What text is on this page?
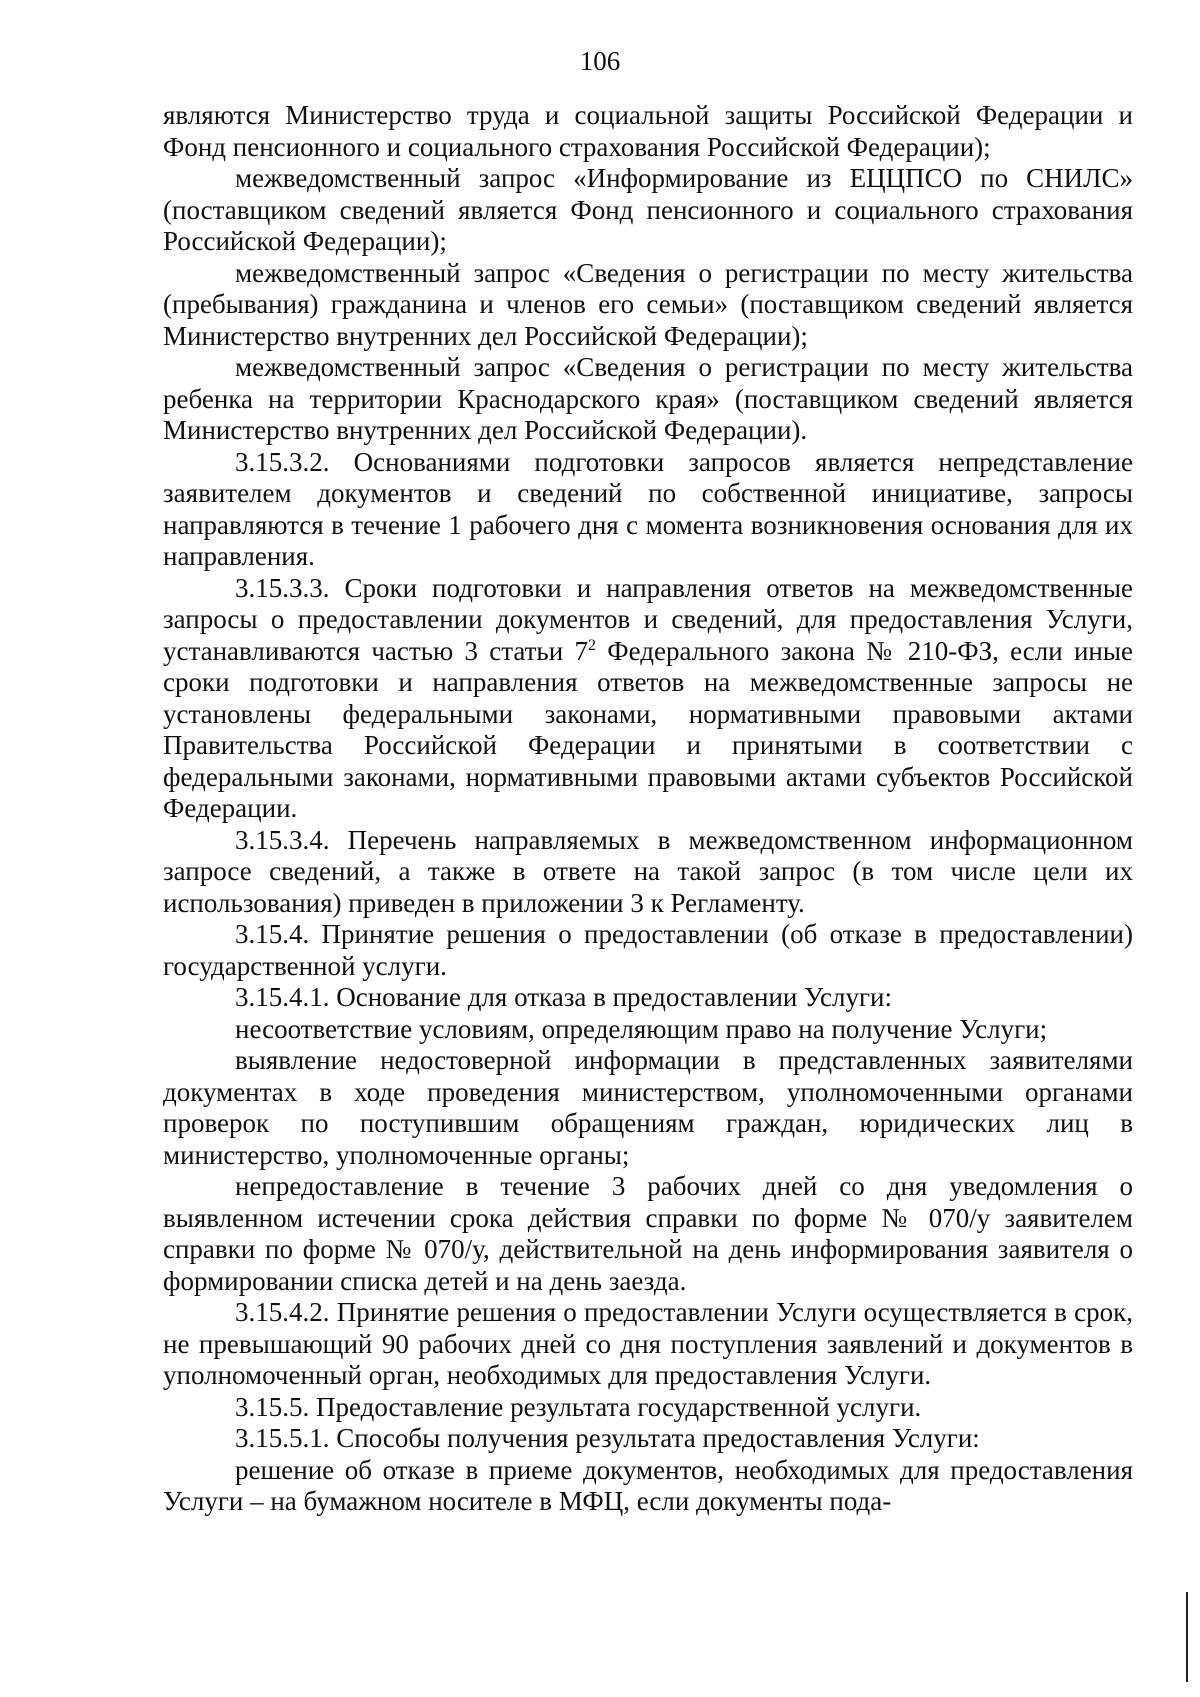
106

являются Министерство труда и социальной защиты Российской Федерации и Фонд пенсионного и социального страхования Российской Федерации);

межведомственный запрос «Информирование из ЕЦЦПСО по СНИЛС» (поставщиком сведений является Фонд пенсионного и социального страхования Российской Федерации);

межведомственный запрос «Сведения о регистрации по месту жительства (пребывания) гражданина и членов его семьи» (поставщиком сведений является Министерство внутренних дел Российской Федерации);

межведомственный запрос «Сведения о регистрации по месту жительства ребенка на территории Краснодарского края» (поставщиком сведений является Министерство внутренних дел Российской Федерации).

3.15.3.2. Основаниями подготовки запросов является непредставление заявителем документов и сведений по собственной инициативе, запросы направляются в течение 1 рабочего дня с момента возникновения основания для их направления.

3.15.3.3. Сроки подготовки и направления ответов на межведомственные запросы о предоставлении документов и сведений, для предоставления Услуги, устанавливаются частью 3 статьи $7^2$ Федерального закона № 210-ФЗ, если иные сроки подготовки и направления ответов на межведомственные запросы не установлены федеральными законами, нормативными правовыми актами Правительства Российской Федерации и принятыми в соответствии с федеральными законами, нормативными правовыми актами субъектов Российской Федерации.

3.15.3.4. Перечень направляемых в межведомственном информационном запросе сведений, а также в ответе на такой запрос (в том числе цели их использования) приведен в приложении 3 к Регламенту.

3.15.4. Принятие решения о предоставлении (об отказе в предоставлении) государственной услуги.

3.15.4.1. Основание для отказа в предоставлении Услуги:

несоответствие условиям, определяющим право на получение Услуги;

выявление недостоверной информации в представленных заявителями документах в ходе проведения министерством, уполномоченными органами проверок по поступившим обращениям граждан, юридических лиц в министерство, уполномоченные органы;

непредоставление в течение 3 рабочих дней со дня уведомления о выявленном истечении срока действия справки по форме № 070/у заявителем справки по форме № 070/у, действительной на день информирования заявителя о формировании списка детей и на день заезда.

3.15.4.2. Принятие решения о предоставлении Услуги осуществляется в срок, не превышающий 90 рабочих дней со дня поступления заявлений и документов в уполномоченный орган, необходимых для предоставления Услуги.

3.15.5. Предоставление результата государственной услуги.

3.15.5.1. Способы получения результата предоставления Услуги:

решение об отказе в приеме документов, необходимых для предоставления Услуги – на бумажном носителе в МФЦ, если документы пода-
